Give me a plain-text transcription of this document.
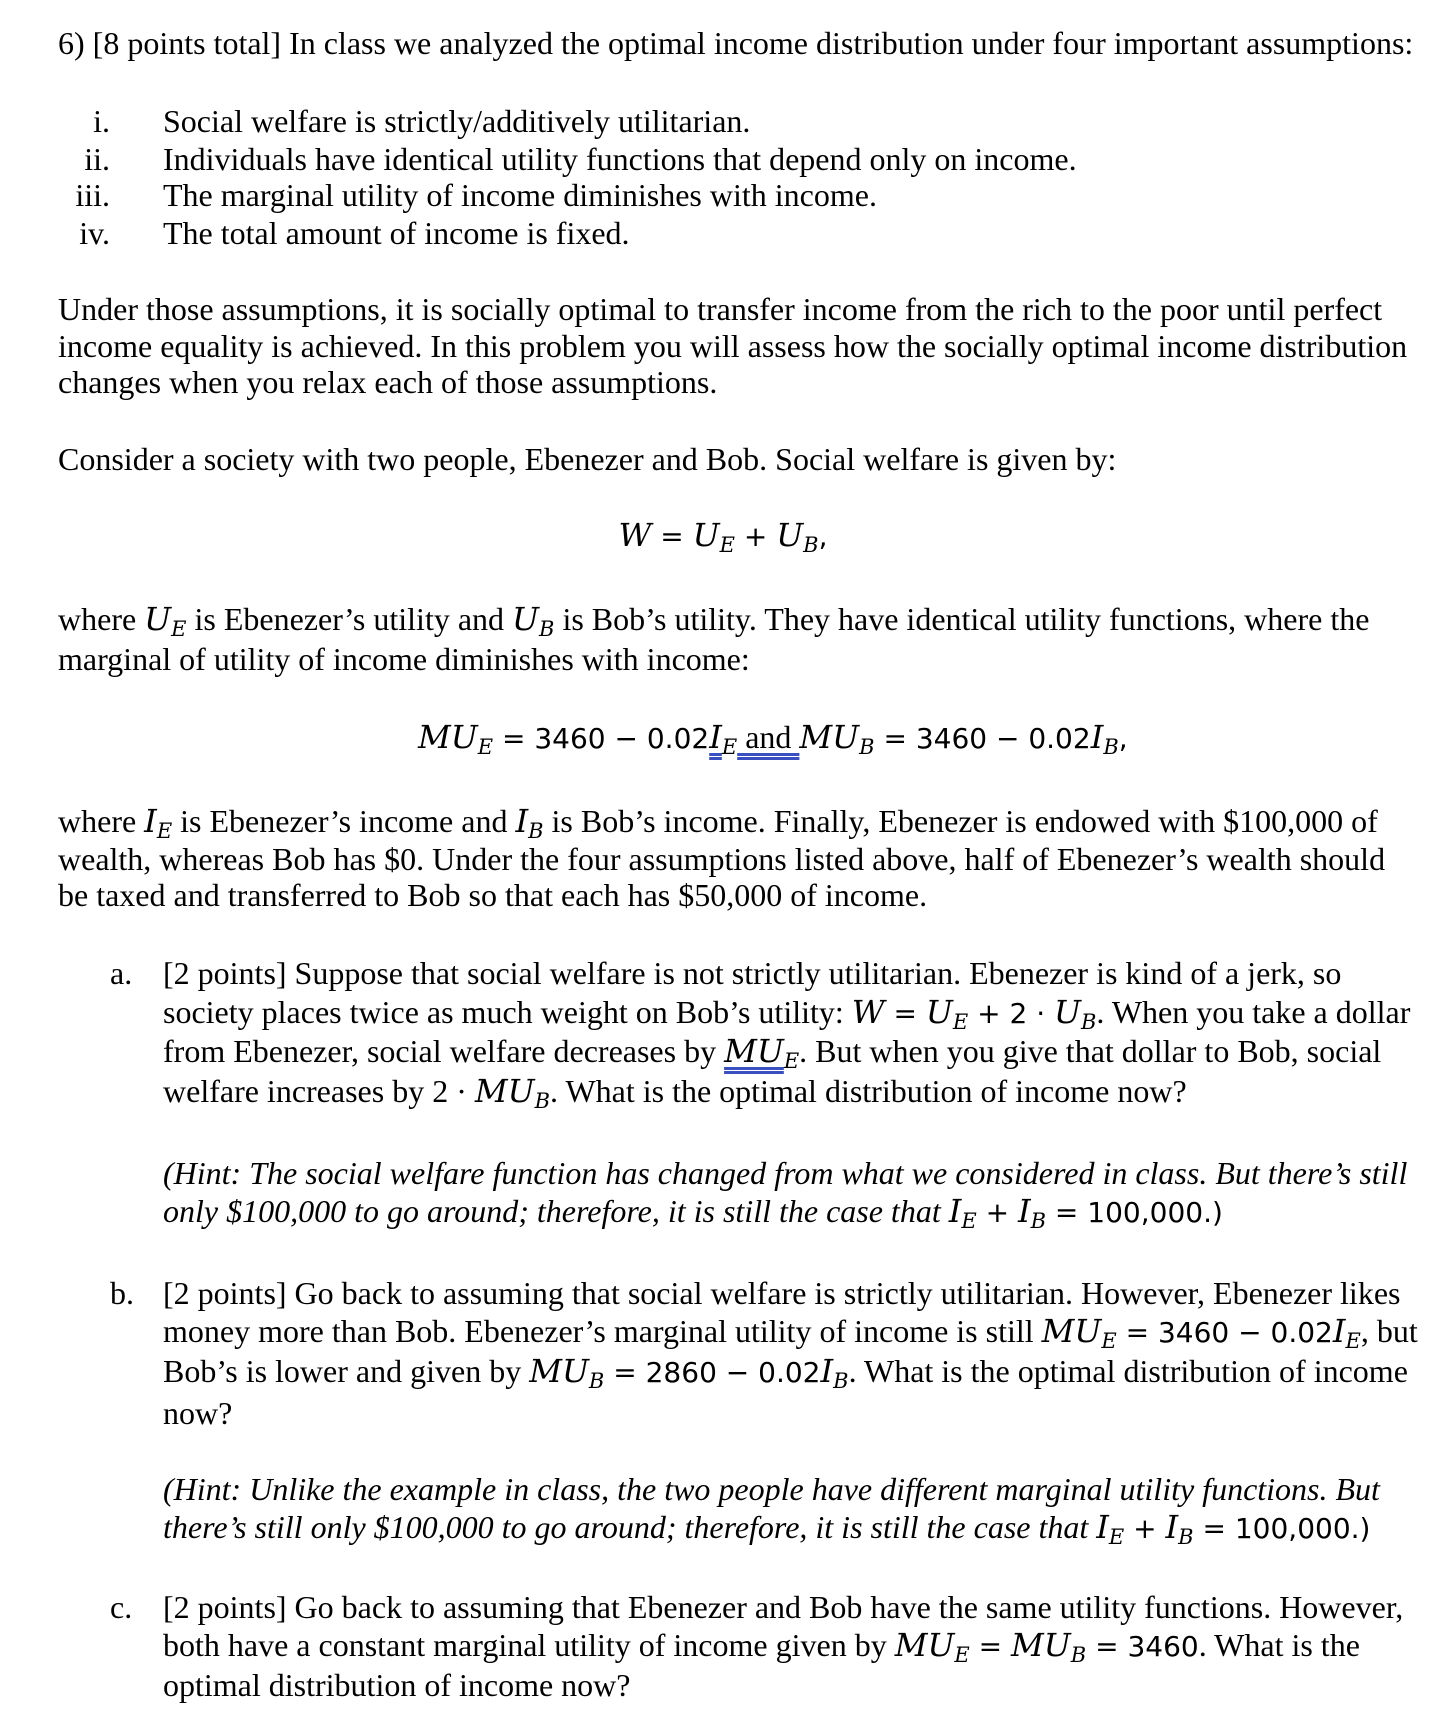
6) [8 points total] In class we analyzed the optimal income distribution under four important assumptions:
i. Social welfare is strictly/additively utilitarian.
ii. Individuals have identical utility functions that depend only on income.
iii. The marginal utility of income diminishes with income.
iv. The total amount of income is fixed.
Under those assumptions, it is socially optimal to transfer income from the rich to the poor until perfect
income equality is achieved. In this problem you will assess how the socially optimal income distribution
changes when you relax each of those assumptions.
Consider a society with two people, Ebenezer and Bob. Social welfare is given by:
$W = U_E + U_B$,
where $U_E$ is Ebenezer’s utility and $U_B$ is Bob’s utility. They have identical utility functions, where the
marginal of utility of income diminishes with income:
$MU_E = 3460 - 0.02I_E$ and $MU_B = 3460 - 0.02I_B$,
where $I_E$ is Ebenezer’s income and $I_B$ is Bob’s income. Finally, Ebenezer is endowed with $100,000 of
wealth, whereas Bob has $0. Under the four assumptions listed above, half of Ebenezer’s wealth should
be taxed and transferred to Bob so that each has $50,000 of income.
a. [2 points] Suppose that social welfare is not strictly utilitarian. Ebenezer is kind of a jerk, so
society places twice as much weight on Bob’s utility: $W = U_E + 2 \cdot U_B$. When you take a dollar
from Ebenezer, social welfare decreases by $MU_E$. But when you give that dollar to Bob, social
welfare increases by $2 \cdot MU_B$. What is the optimal distribution of income now?
(Hint: The social welfare function has changed from what we considered in class. But there’s still
only $100,000 to go around; therefore, it is still the case that $I_E + I_B = 100,000$.)
b. [2 points] Go back to assuming that social welfare is strictly utilitarian. However, Ebenezer likes
money more than Bob. Ebenezer’s marginal utility of income is still $MU_E = 3460 - 0.02I_E$, but
Bob’s is lower and given by $MU_B = 2860 - 0.02I_B$. What is the optimal distribution of income
now?
(Hint: Unlike the example in class, the two people have different marginal utility functions. But
there’s still only $100,000 to go around; therefore, it is still the case that $I_E + I_B = 100,000$.)
c. [2 points] Go back to assuming that Ebenezer and Bob have the same utility functions. However,
both have a constant marginal utility of income given by $MU_E = MU_B = 3460$. What is the
optimal distribution of income now?
